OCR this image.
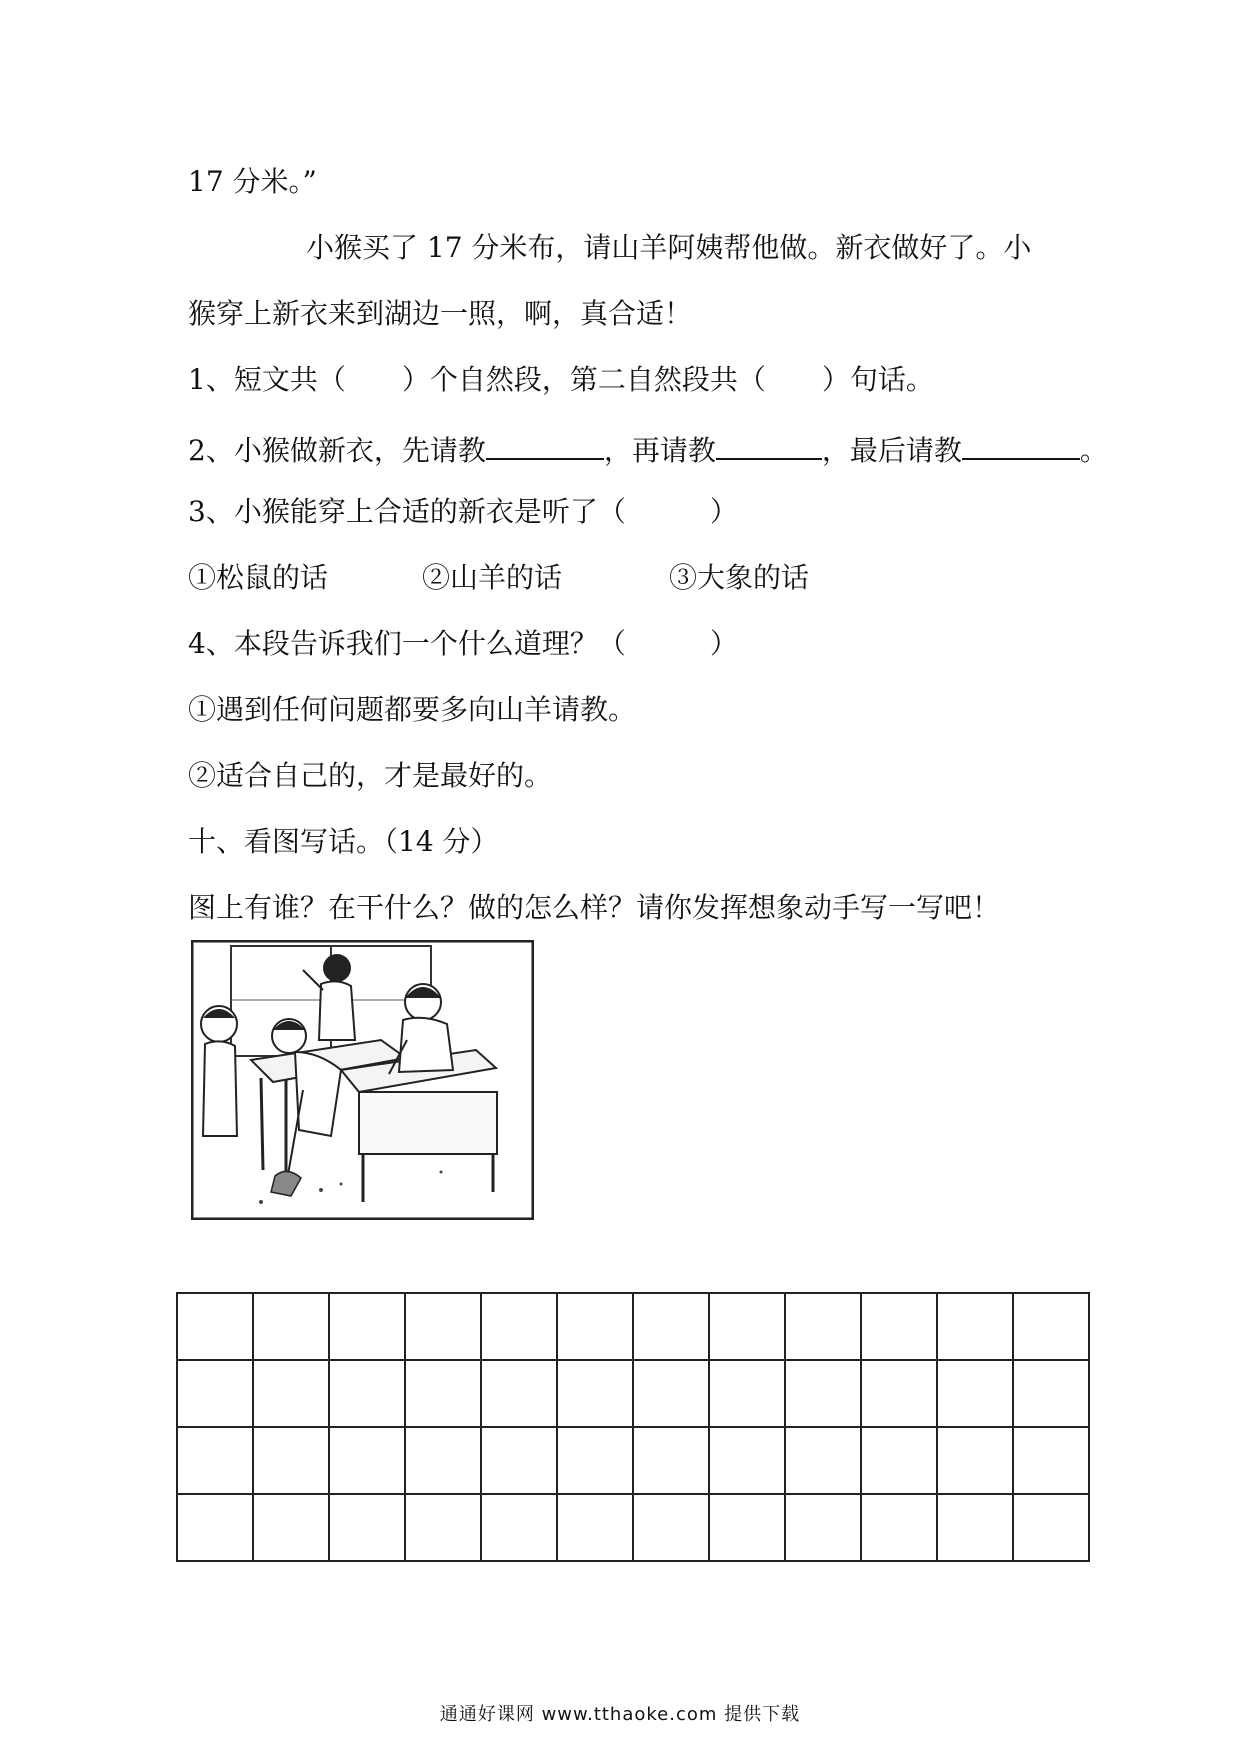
17 分米。”
小猴买了 17 分米布，请山羊阿姨帮他做。新衣做好了。小
猴穿上新衣来到湖边一照，啊，真合适！
1、短文共（　　）个自然段，第二自然段共（　　）句话。
2、小猴做新衣，先请教	，再请教	，最后请教	。
3、小猴能穿上合适的新衣是听了（　　　）
①松鼠的话	②山羊的话	③大象的话
4、本段告诉我们一个什么道理？（　　　）
①遇到任何问题都要多向山羊请教。
②适合自己的，才是最好的。
十、看图写话。（14 分）
图上有谁？在干什么？做的怎么样？请你发挥想象动手写一写吧！

通通好课网 www.tthaoke.com 提供下载
